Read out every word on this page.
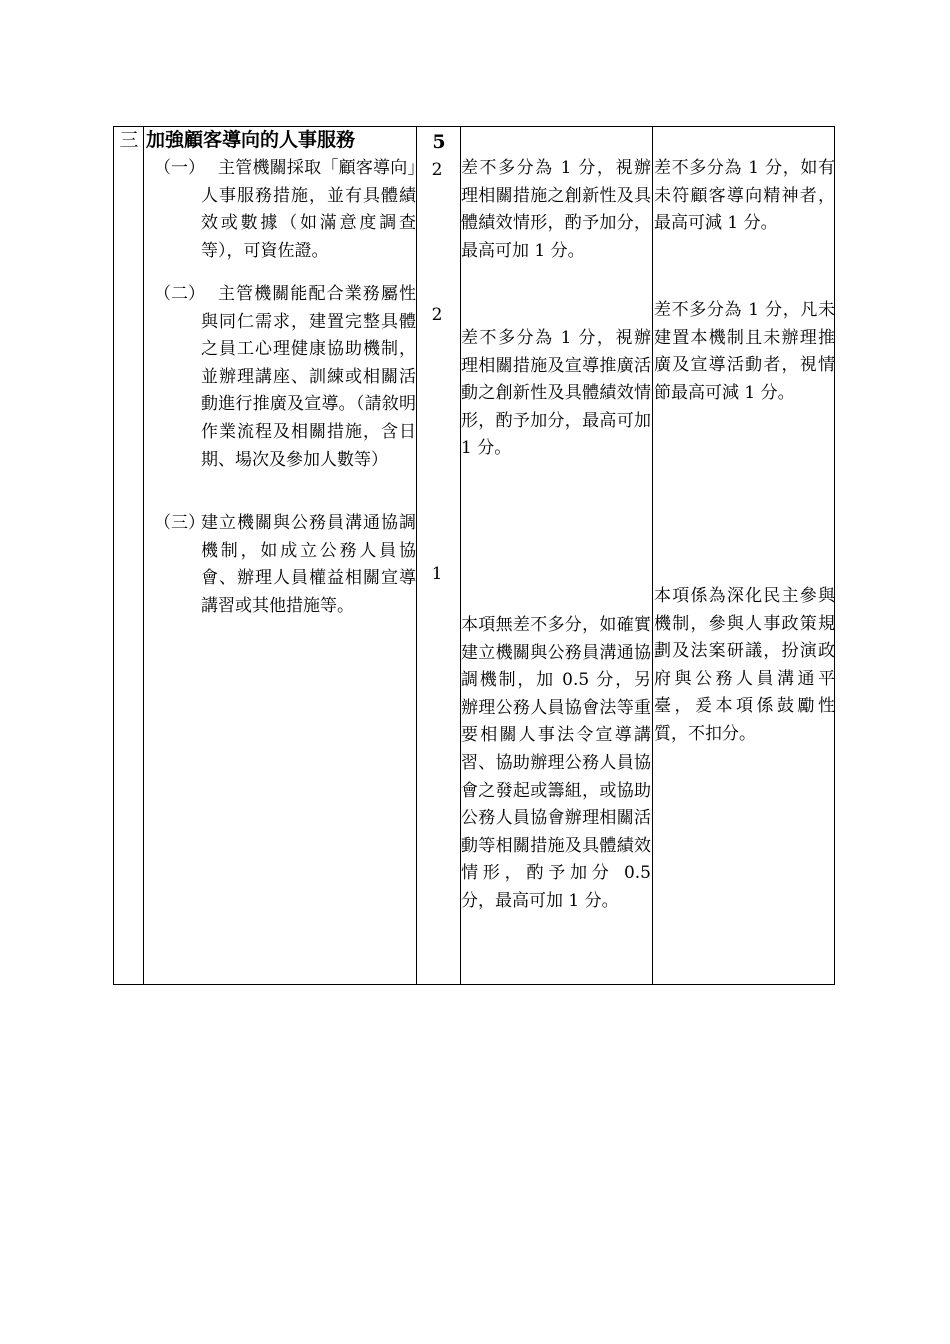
三 加強顧客導向的人事服務	5
（一） 主管機關採取「顧客導向」人事服務措施，並有具體績效或數據（如滿意度調查等），可資佐證。
2	差不多分為 1 分，視辦理相關措施之創新性及具體績效情形，酌予加分，最高可加 1 分。
差不多分為 1 分，如有未符顧客導向精神者，最高可減 1 分。
（二） 主管機關能配合業務屬性與同仁需求，建置完整具體之員工心理健康協助機制，並辦理講座、訓練或相關活動進行推廣及宣導。（請敘明作業流程及相關措施，含日期、場次及參加人數等）
2
差不多分為 1 分，視辦理相關措施及宣導推廣活動之創新性及具體績效情形，酌予加分，最高可加 1 分。
差不多分為 1 分，凡未建置本機制且未辦理推廣及宣導活動者，視情節最高可減 1 分。
（三）
建立機關與公務員溝通協調機制，如成立公務人員協會、辦理人員權益相關宣導講習或其他措施等。
1
本項無差不多分，如確實建立機關與公務員溝通協調機制，加 0.5 分，另辦理公務人員協會法等重要相關人事法令宣導講習、協助辦理公務人員協會之發起或籌組，或協助公務人員協會辦理相關活動等相關措施及具體績效情形，酌予加分 0.5 分，最高可加 1 分。
本項係為深化民主參與機制，參與人事政策規劃及法案研議，扮演政府與公務人員溝通平臺，爰本項係鼓勵性質，不扣分。
